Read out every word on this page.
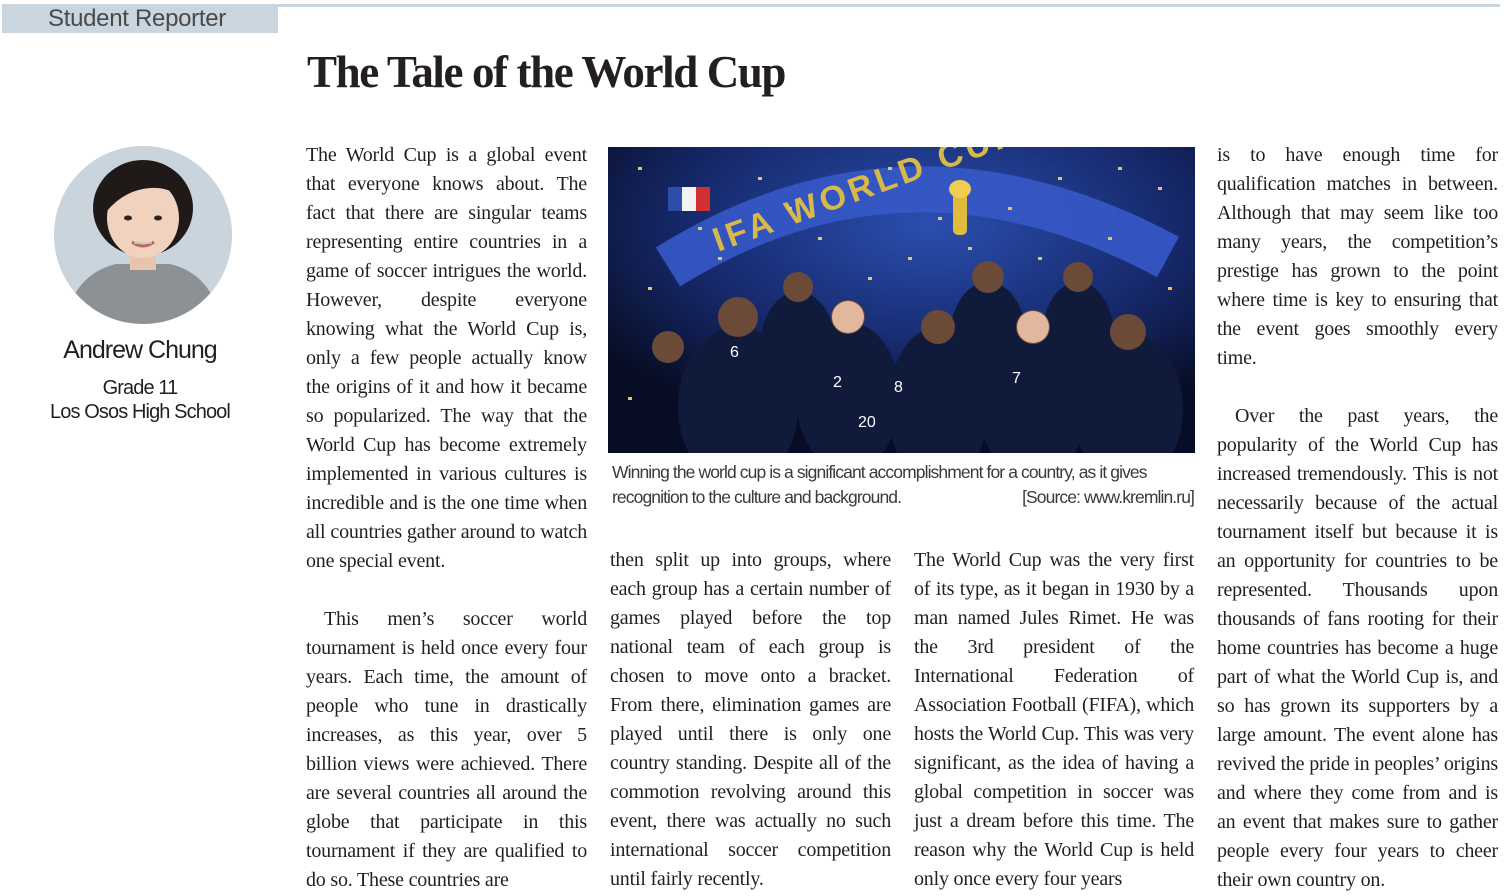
Student Reporter
The Tale of the World Cup
Andrew Chung
Grade 11
Los Osos High School

The World Cup is a global event that everyone knows about. The fact that there are singular teams representing entire countries in a game of soccer intrigues the world. However, despite everyone knowing what the World Cup is, only a few people actually know the origins of it and how it became so popularized. The way that the World Cup has become extremely implemented in various cultures is incredible and is the one time when all countries gather around to watch one special event.

This men’s soccer world tournament is held once every four years. Each time, the amount of people who tune in drastically increases, as this year, over 5 billion views were achieved. There are several countries all around the globe that participate in this tournament if they are qualified to do so. These countries are

6
2	8
20
7
Winning the world cup is a significant accomplishment for a country, as it gives
recognition to the culture and background.	[Source: www.kremlin.ru]

then split up into groups, where each group has a certain number of games played before the top national team of each group is chosen to move onto a bracket. From there, elimination games are played until there is only one country standing. Despite all of the commotion revolving around this event, there was actually no such international soccer competition until fairly recently.

The World Cup was the very first of its type, as it began in 1930 by a man named Jules Rimet. He was the 3rd president of the International Federation of Association Football (FIFA), which hosts the World Cup. This was very significant, as the idea of having a global competition in soccer was just a dream before this time. The reason why the World Cup is held only once every four years

is to have enough time for qualification matches in between. Although that may seem like too many years, the competition’s prestige has grown to the point where time is key to ensuring that the event goes smoothly every time.

Over the past years, the popularity of the World Cup has increased tremendously. This is not necessarily because of the actual tournament itself but because it is an opportunity for countries to be represented. Thousands upon thousands of fans rooting for their home countries has become a huge part of what the World Cup is, and so has grown its supporters by a large amount. The event alone has revived the pride in peoples’ origins and where they come from and is an event that makes sure to gather people every four years to cheer their own country on.
